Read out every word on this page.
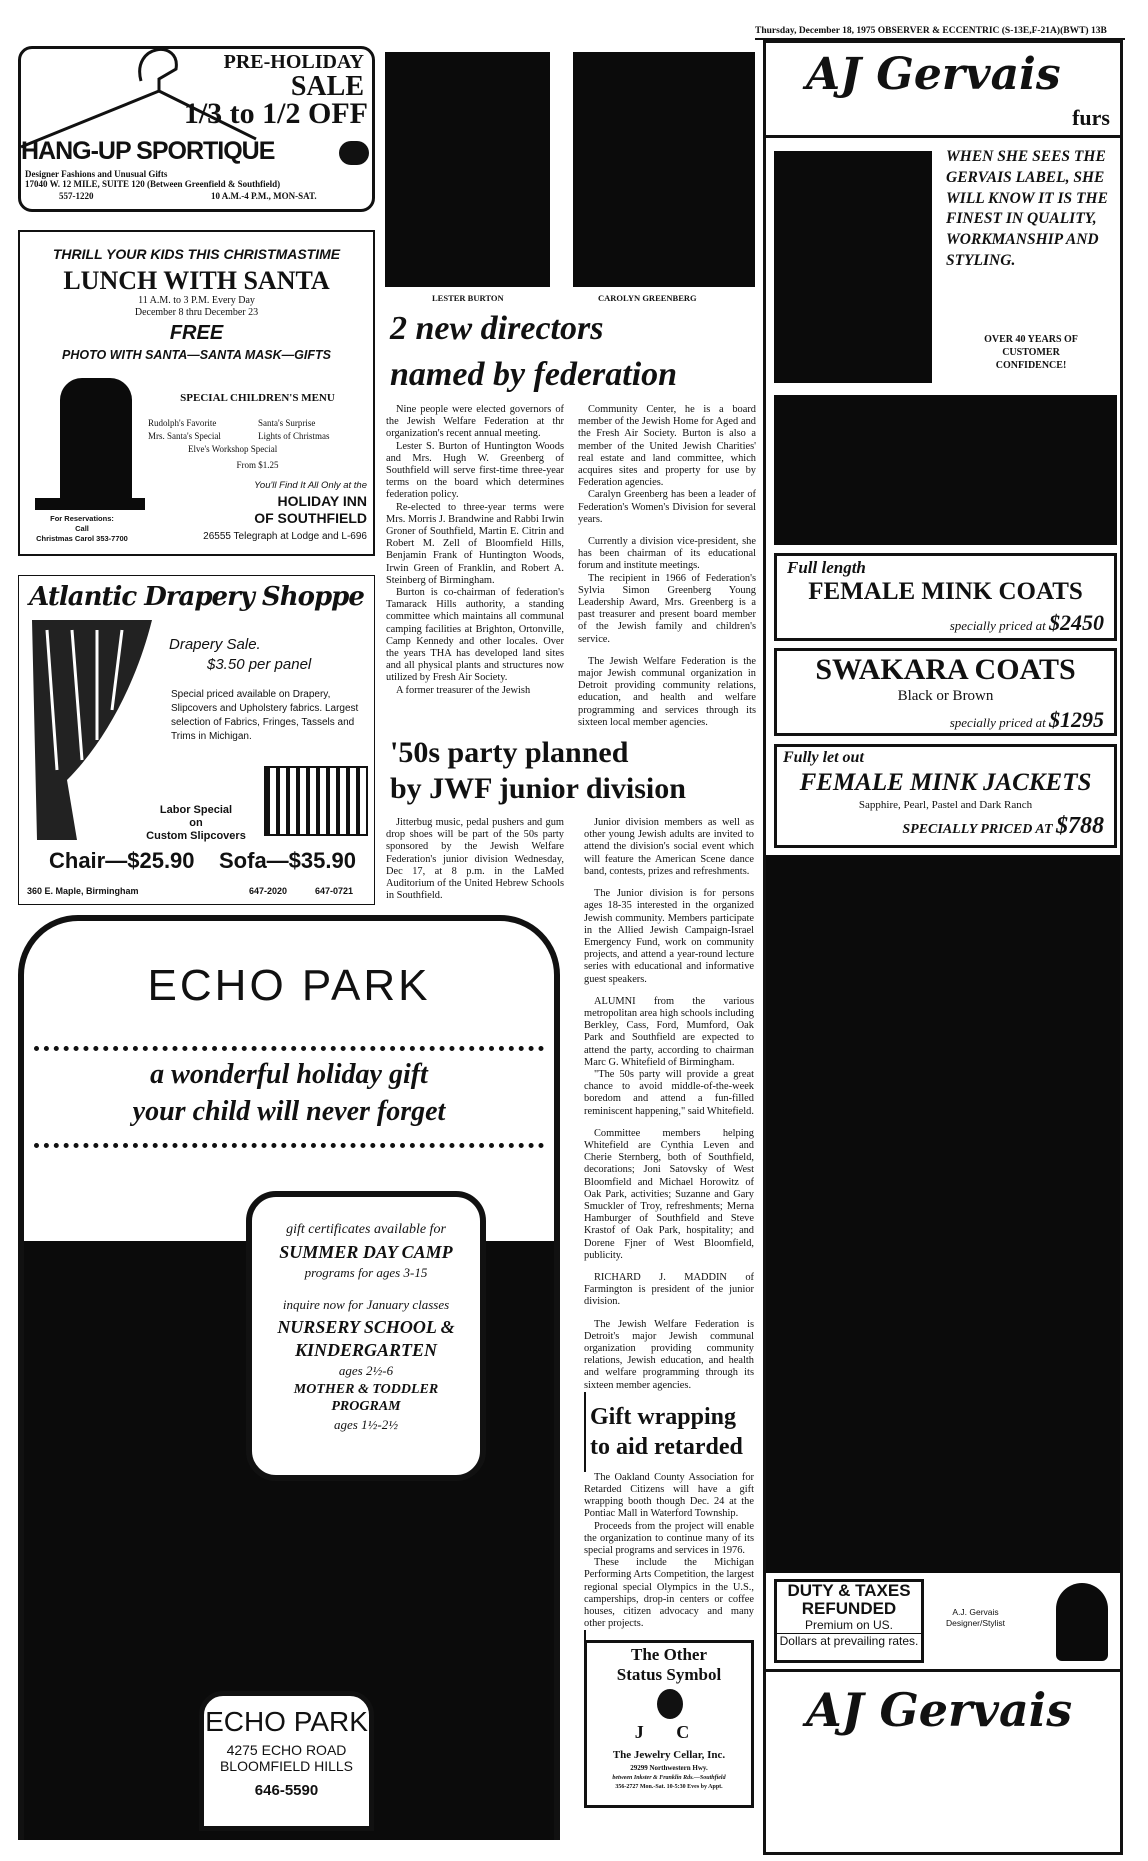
Thursday, December 18, 1975 OBSERVER & ECCENTRIC (S-13E,F-21A)(BWT) 13B
PRE-HOLIDAY
SALE
1/3 to 1/2 OFF
HANG-UP SPORTIQUE
Designer Fashions and Unusual Gifts
17040 W. 12 MILE, SUITE 120 (Between Greenfield & Southfield)
557-1220	10 A.M.-4 P.M., MON-SAT.
THRILL YOUR KIDS THIS CHRISTMASTIME
LUNCH WITH SANTA
11 A.M. to 3 P.M. Every Day
December 8 thru December 23
FREE
PHOTO WITH SANTA—SANTA MASK—GIFTS
SPECIAL CHILDREN'S MENU
Rudolph's Favorite	Santa's Surprise
Mrs. Santa's Special	Lights of Christmas
Elve's Workshop Special
From $1.25
You'll Find It All Only at the
HOLIDAY INN
OF SOUTHFIELD
26555 Telegraph at Lodge and L-696
For Reservations:
Call
Christmas Carol 353-7700
Atlantic Drapery Shoppe
Drapery Sale.
$3.50 per panel
Special priced available on Drapery, Slipcovers and Upholstery fabrics. Largest selection of Fabrics, Fringes, Tassels and Trims in Michigan.
Labor Special
on
Custom Slipcovers
Chair—$25.90 Sofa—$35.90
360 E. Maple, Birmingham	647-2020	647-0721
ECHO PARK
a wonderful holiday gift
your child will never forget
gift certificates available for
SUMMER DAY CAMP
programs for ages 3-15
inquire now for January classes
NURSERY SCHOOL &
KINDERGARTEN
ages 2½-6
MOTHER & TODDLER
PROGRAM
ages 1½-2½
ECHO PARK
4275 ECHO ROAD
BLOOMFIELD HILLS
646-5590
LESTER BURTON	CAROLYN GREENBERG
2 new directors
named by federation

Nine people were elected governors of the Jewish Welfare Federation at thr organization's recent annual meeting.

Lester S. Burton of Huntington Woods and Mrs. Hugh W. Greenberg of Southfield will serve first-time three-year terms on the board which determines federation policy.

Re-elected to three-year terms were Mrs. Morris J. Brandwine and Rabbi Irwin Groner of Southfield, Martin E. Citrin and Robert M. Zell of Bloomfield Hills, Benjamin Frank of Huntington Woods, Irwin Green of Franklin, and Robert A. Steinberg of Birmingham.

Burton is co-chairman of federation's Tamarack Hills authority, a standing committee which maintains all communal camping facilities at Brighton, Ortonville, Camp Kennedy and other locales. Over the years THA has developed land sites and all physical plants and structures now utilized by Fresh Air Society.

A former treasurer of the Jewish

Community Center, he is a board member of the Jewish Home for Aged and the Fresh Air Society. Burton is also a member of the United Jewish Charities' real estate and land committee, which acquires sites and property for use by Federation agencies.

Caralyn Greenberg has been a leader of Federation's Women's Division for several years.

Currently a division vice-president, she has been chairman of its educational forum and institute meetings.

The recipient in 1966 of Federation's Sylvia Simon Greenberg Young Leadership Award, Mrs. Greenberg is a past treasurer and present board member of the Jewish family and children's service.

The Jewish Welfare Federation is the major Jewish communal organization in Detroit providing community relations, education, and health and welfare programming and services through its sixteen local member agencies.

'50s party planned
by JWF junior division

Jitterbug music, pedal pushers and gum drop shoes will be part of the 50s party sponsored by the Jewish Welfare Federation's junior division Wednesday, Dec 17, at 8 p.m. in the LaMed Auditorium of the United Hebrew Schools in Southfield.

Junior division members as well as other young Jewish adults are invited to attend the division's social event which will feature the American Scene dance band, contests, prizes and refreshments.

The Junior division is for persons ages 18-35 interested in the organized Jewish community. Members participate in the Allied Jewish Campaign-Israel Emergency Fund, work on community projects, and attend a year-round lecture series with educational and informative guest speakers.

ALUMNI from the various metropolitan area high schools including Berkley, Cass, Ford, Mumford, Oak Park and Southfield are expected to attend the party, according to chairman Marc G. Whitefield of Birmingham.

"The 50s party will provide a great chance to avoid middle-of-the-week boredom and attend a fun-filled reminiscent happening," said Whitefield.

Committee members helping Whitefield are Cynthia Leven and Cherie Sternberg, both of Southfield, decorations; Joni Satovsky of West Bloomfield and Michael Horowitz of Oak Park, activities; Suzanne and Gary Smuckler of Troy, refreshments; Merna Hamburger of Southfield and Steve Krastof of Oak Park, hospitality; and Dorene Fjner of West Bloomfield, publicity.

RICHARD J. MADDIN of Farmington is president of the junior division.

The Jewish Welfare Federation is Detroit's major Jewish communal organization providing community relations, Jewish education, and health and welfare programming through its sixteen member agencies.

Gift wrapping
to aid retarded

The Oakland County Association for Retarded Citizens will have a gift wrapping booth though Dec. 24 at the Pontiac Mall in Waterford Township.

Proceeds from the project will enable the organization to continue many of its special programs and services in 1976.

These include the Michigan Performing Arts Competition, the largest regional special Olympics in the U.S., camperships, drop-in centers or coffee houses, citizen advocacy and many other projects.

The Other
Status Symbol
J C
The Jewelry Cellar, Inc.
29299 Northwestern Hwy.
between Inkster & Franklin Rds.—Southfield
356-2727 Mon.-Sat. 10-5:30 Eves by Appt.
AJ Gervais
furs
WHEN SHE SEES THE GERVAIS LABEL, SHE WILL KNOW IT IS THE FINEST IN QUALITY, WORKMANSHIP AND STYLING.
OVER 40 YEARS OF CUSTOMER CONFIDENCE!
Full length
FEMALE MINK COATS
specially priced at $2450
SWAKARA COATS
Black or Brown
specially priced at $1295
Fully let out
FEMALE MINK JACKETS
Sapphire, Pearl, Pastel and Dark Ranch
SPECIALLY PRICED AT $788
DUTY & TAXES
REFUNDED
Premium on US.
Dollars at prevailing rates.
A.J. Gervais
Designer/Stylist
AJ Gervais
